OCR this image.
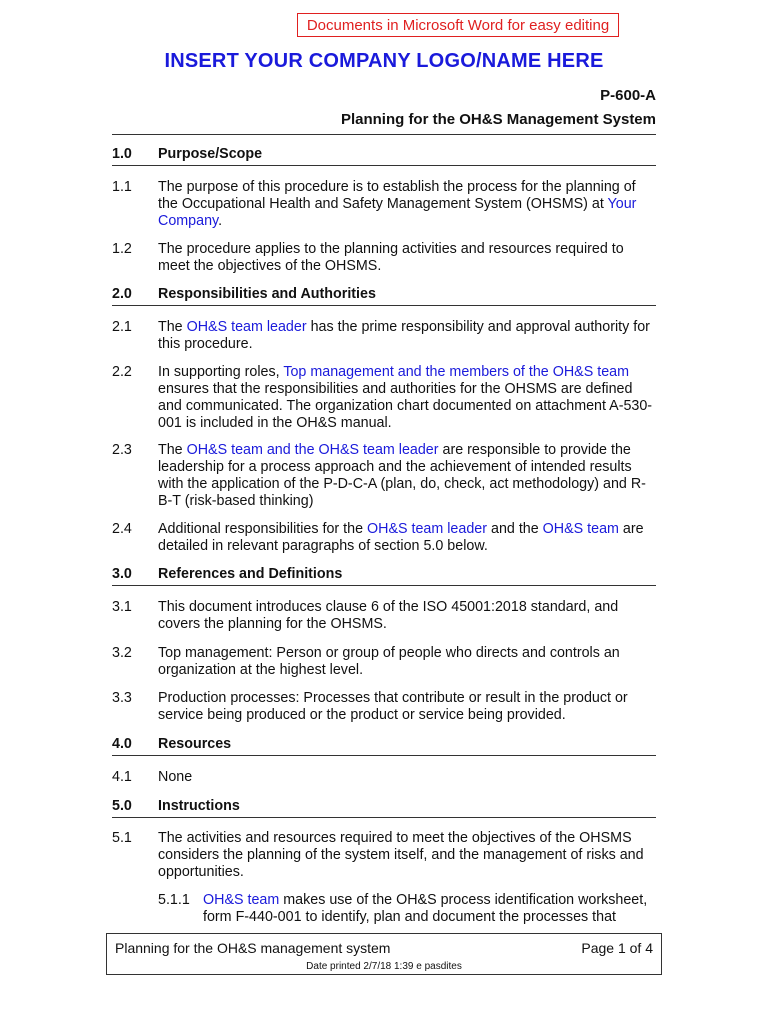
Documents in Microsoft Word for easy editing
INSERT YOUR COMPANY LOGO/NAME HERE
P-600-A
Planning for the OH&S Management System
1.0 Purpose/Scope
1.1 The purpose of this procedure is to establish the process for the planning of the Occupational Health and Safety Management System (OHSMS) at Your Company.
1.2 The procedure applies to the planning activities and resources required to meet the objectives of the OHSMS.
2.0 Responsibilities and Authorities
2.1 The OH&S team leader has the prime responsibility and approval authority for this procedure.
2.2 In supporting roles, Top management and the members of the OH&S team ensures that the responsibilities and authorities for the OHSMS are defined and communicated. The organization chart documented on attachment A-530-001 is included in the OH&S manual.
2.3 The OH&S team and the OH&S team leader are responsible to provide the leadership for a process approach and the achievement of intended results with the application of the P-D-C-A (plan, do, check, act methodology) and R-B-T (risk-based thinking)
2.4 Additional responsibilities for the OH&S team leader and the OH&S team are detailed in relevant paragraphs of section 5.0 below.
3.0 References and Definitions
3.1 This document introduces clause 6 of the ISO 45001:2018 standard, and covers the planning for the OHSMS.
3.2 Top management: Person or group of people who directs and controls an organization at the highest level.
3.3 Production processes: Processes that contribute or result in the product or service being produced or the product or service being provided.
4.0 Resources
4.1 None
5.0 Instructions
5.1 The activities and resources required to meet the objectives of the OHSMS considers the planning of the system itself, and the management of risks and opportunities.
5.1.1 OH&S team makes use of the OH&S process identification worksheet, form F-440-001 to identify, plan and document the processes that
Planning for the OH&S management system	Page 1 of 4
Date printed 2/7/18 1:39 e pasdites
